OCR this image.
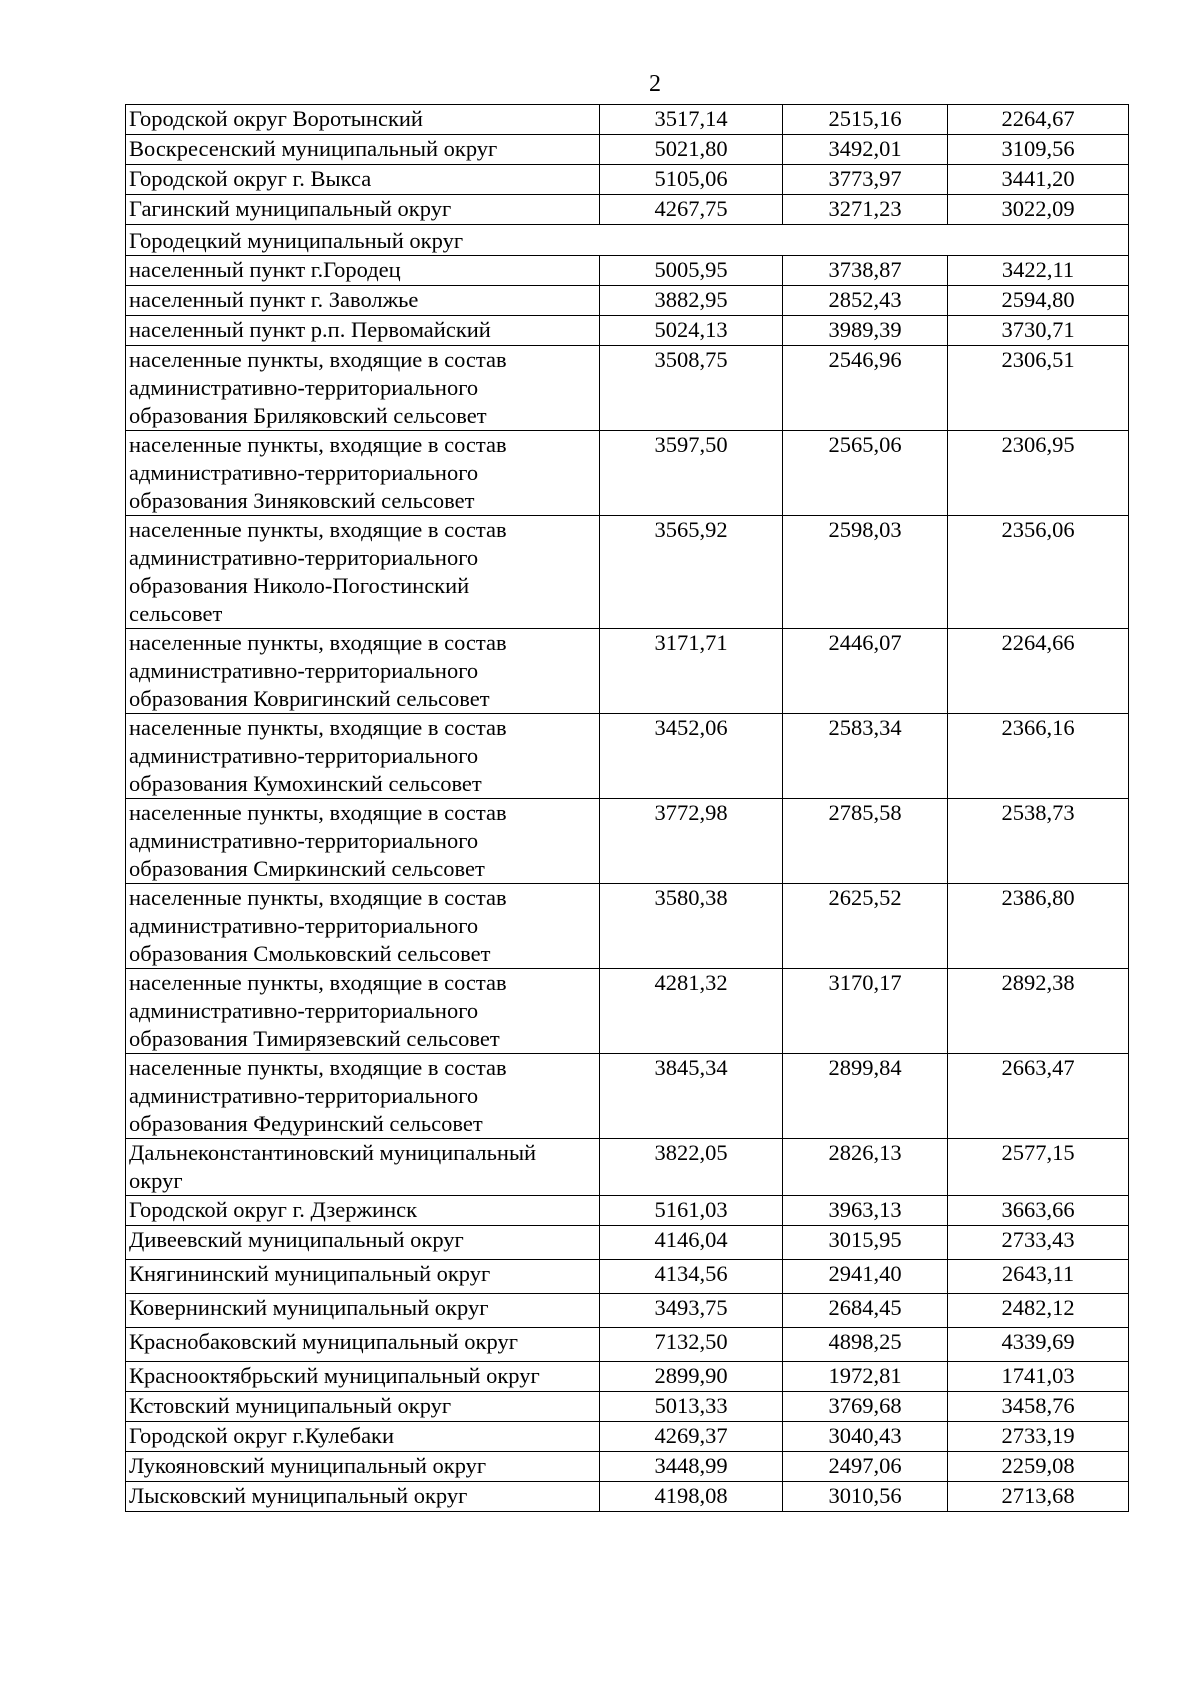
2
Городской округ Воротынский	3517,14	2515,16	2264,67
Воскресенский муниципальный округ	5021,80	3492,01	3109,56
Городской округ г. Выкса	5105,06	3773,97	3441,20
Гагинский муниципальный округ	4267,75	3271,23	3022,09
Городецкий муниципальный округ			
населенный пункт г.Городец	5005,95	3738,87	3422,11
населенный пункт г. Заволжье	3882,95	2852,43	2594,80
населенный пункт р.п. Первомайский	5024,13	3989,39	3730,71

населенные пункты, входящие в состав
административно-территориального
образования Бриляковский сельсовет	3508,75	2546,96	2306,51

населенные пункты, входящие в состав
административно-территориального
образования Зиняковский сельсовет	3597,50	2565,06	2306,95

населенные пункты, входящие в состав
административно-территориального
образования Николо-Погостинский
сельсовет	3565,92	2598,03	2356,06

населенные пункты, входящие в состав
административно-территориального
образования Ковригинский сельсовет	3171,71	2446,07	2264,66

населенные пункты, входящие в состав
административно-территориального
образования Кумохинский сельсовет	3452,06	2583,34	2366,16

населенные пункты, входящие в состав
административно-территориального
образования Смиркинский сельсовет	3772,98	2785,58	2538,73

населенные пункты, входящие в состав
административно-территориального
образования Смольковский сельсовет	3580,38	2625,52	2386,80

населенные пункты, входящие в состав
административно-территориального
образования Тимирязевский сельсовет	4281,32	3170,17	2892,38

населенные пункты, входящие в состав
административно-территориального
образования Федуринский сельсовет	3845,34	2899,84	2663,47

Дальнеконстантиновский муниципальный
округ	3822,05	2826,13	2577,15
Городской округ г. Дзержинск	5161,03	3963,13	3663,66
Дивеевский муниципальный округ	4146,04	3015,95	2733,43
Княгининский муниципальный округ	4134,56	2941,40	2643,11
Ковернинский муниципальный округ	3493,75	2684,45	2482,12
Краснобаковский муниципальный округ	7132,50	4898,25	4339,69
Краснооктябрьский муниципальный округ	2899,90	1972,81	1741,03
Кстовский муниципальный округ	5013,33	3769,68	3458,76
Городской округ г.Кулебаки	4269,37	3040,43	2733,19
Лукояновский муниципальный округ	3448,99	2497,06	2259,08
Лысковский муниципальный округ	4198,08	3010,56	2713,68
